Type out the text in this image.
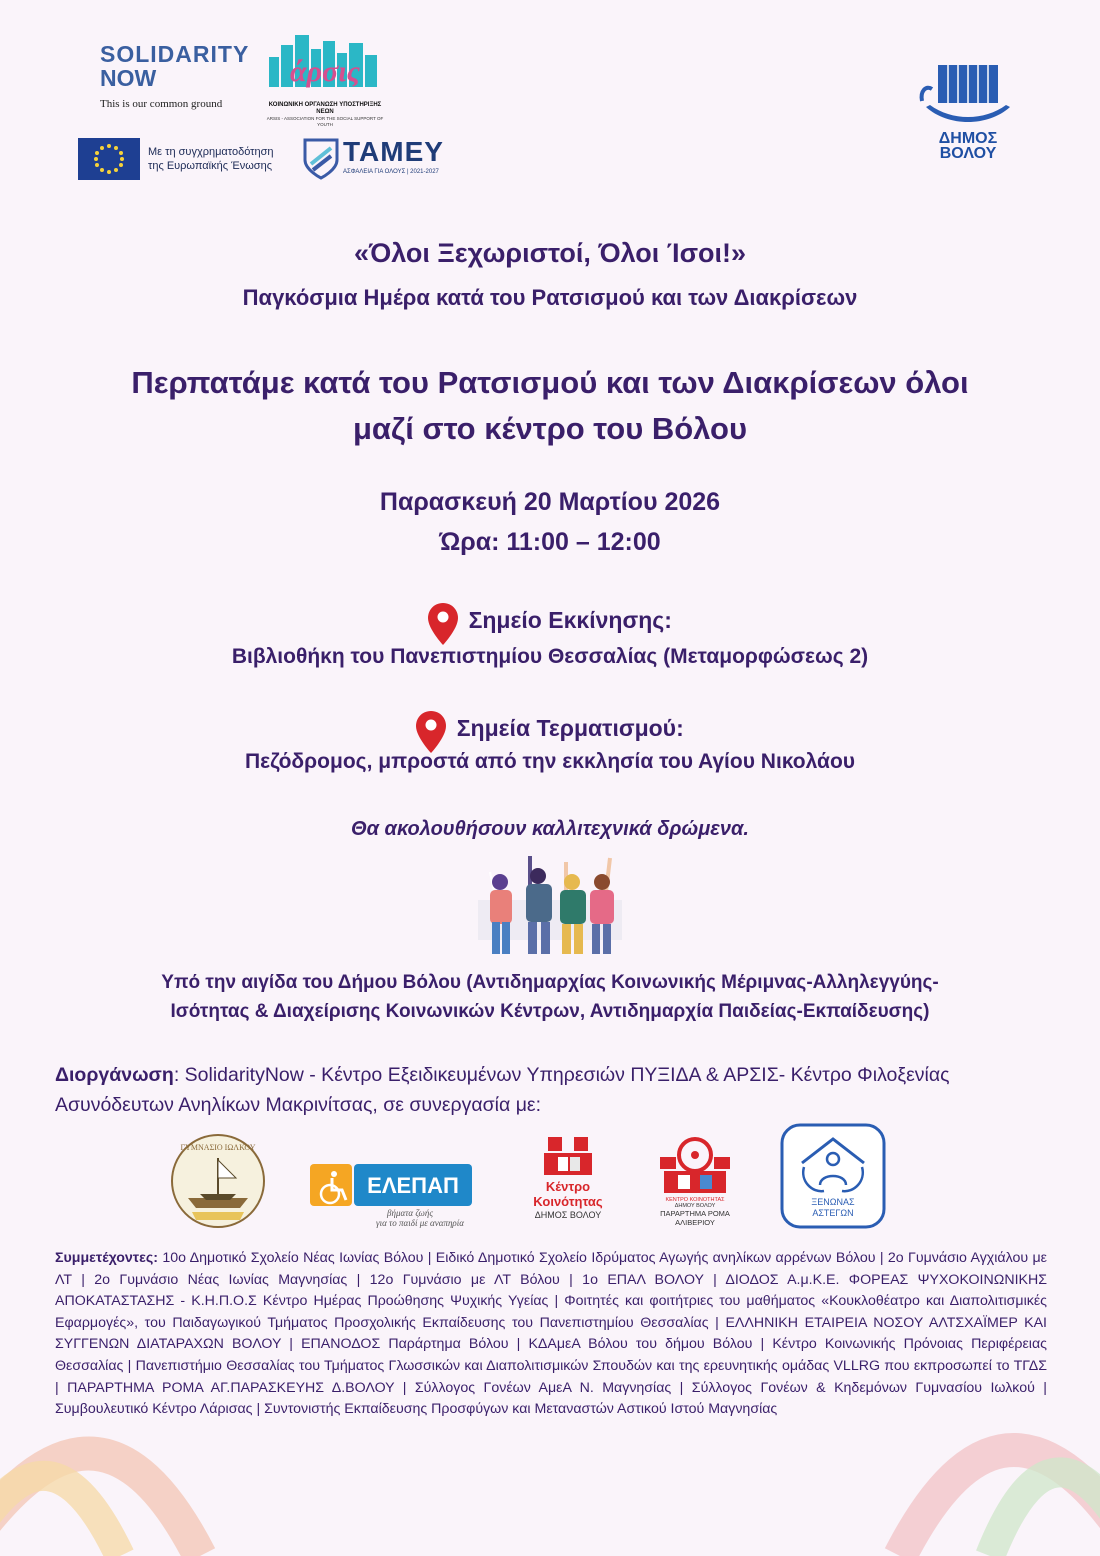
SOLIDARITY
NOW
This is our common ground
άρσις
ΚΟΙΝΩΝΙΚΗ ΟΡΓΑΝΩΣΗ ΥΠΟΣΤΗΡΙΞΗΣ ΝΕΩΝ
ARSIS - ASSOCIATION FOR THE SOCIAL SUPPORT OF YOUTH
Με τη συγχρηματοδότηση
της Ευρωπαϊκής Ένωσης	ΤΑΜΕΥ
ΑΣΦΑΛΕΙΑ ΓΙΑ ΟΛΟΥΣ | 2021-2027
ΔΗΜΟΣ
ΒΟΛΟΥ
«Όλοι Ξεχωριστοί, Όλοι Ίσοι!»
Παγκόσμια Ημέρα κατά του Ρατσισμού και των Διακρίσεων
Περπατάμε κατά του Ρατσισμού και των Διακρίσεων όλοι
μαζί στο κέντρο του Βόλου
Παρασκευή 20 Μαρτίου 2026
Ώρα: 11:00 – 12:00
Σημείο Εκκίνησης:
Βιβλιοθήκη του Πανεπιστημίου Θεσσαλίας (Μεταμορφώσεως 2)
Σημεία Τερματισμού:
Πεζόδρομος, μπροστά από την εκκλησία του Αγίου Νικολάου
Θα ακολουθήσουν καλλιτεχνικά δρώμενα.
Υπό την αιγίδα του Δήμου Βόλου (Αντιδημαρχίας Κοινωνικής Μέριμνας-Αλληλεγγύης-
Ισότητας & Διαχείρισης Κοινωνικών Κέντρων, Αντιδημαρχία Παιδείας-Εκπαίδευσης)
Διοργάνωση: SolidarityNow - Κέντρο Εξειδικευμένων Υπηρεσιών ΠΥΞΙΔΑ & ΑΡΣΙΣ- Κέντρο Φιλοξενίας Ασυνόδευτων Ανηλίκων Μακρινίτσας, σε συνεργασία με:
ΓΥΜΝΑΣΙΟ ΙΩΛΚΟΥ
ΕΛΕΠΑΠ
βήματα ζωής
για το παιδί με αναπηρία
Κέντρο
Κοινότητας
ΔΗΜΟΣ ΒΟΛΟΥ
ΚΕΝΤΡΟ ΚΟΙΝΟΤΗΤΑΣ
ΔΗΜΟΥ ΒΟΛΟΥ
ΠΑΡΑΡΤΗΜΑ ΡΟΜΑ
ΑΛΙΒΕΡΙΟΥ
ΞΕΝΩΝΑΣ
ΑΣΤΕΓΩΝ
Συμμετέχοντες: 10ο Δημοτικό Σχολείο Νέας Ιωνίας Βόλου | Ειδικό Δημοτικό Σχολείο Ιδρύματος Αγωγής ανηλίκων αρρένων Βόλου | 2ο Γυμνάσιο Αγχιάλου με ΛΤ | 2ο Γυμνάσιο Νέας Ιωνίας Μαγνησίας | 12ο Γυμνάσιο με ΛΤ Βόλου | 1ο ΕΠΑΛ ΒΟΛΟΥ | ΔΙΟΔΟΣ Α.μ.Κ.Ε. ΦΟΡΕΑΣ ΨΥΧΟΚΟΙΝΩΝΙΚΗΣ ΑΠΟΚΑΤΑΣΤΑΣΗΣ - Κ.Η.Π.Ο.Σ Κέντρο Ημέρας Προώθησης Ψυχικής Υγείας | Φοιτητές και φοιτήτριες του μαθήματος «Κουκλοθέατρο και Διαπολιτισμικές Εφαρμογές», του Παιδαγωγικού Τμήματος Προσχολικής Εκπαίδευσης του Πανεπιστημίου Θεσσαλίας | ΕΛΛΗΝΙΚΗ ΕΤΑΙΡΕΙΑ ΝΟΣΟΥ ΑΛΤΣΧΑΪΜΕΡ ΚΑΙ ΣΥΓΓΕΝΩΝ ΔΙΑΤΑΡΑΧΩΝ ΒΟΛΟΥ | ΕΠΑΝΟΔΟΣ Παράρτημα Βόλου | ΚΔΑμεΑ Βόλου του δήμου Βόλου | Κέντρο Κοινωνικής Πρόνοιας Περιφέρειας Θεσσαλίας | Πανεπιστήμιο Θεσσαλίας του Τμήματος Γλωσσικών και Διαπολιτισμικών Σπουδών και της ερευνητικής ομάδας VLLRG που εκπροσωπεί το ΤΓΔΣ | ΠΑΡΑΡΤΗΜΑ ΡΟΜΑ ΑΓ.ΠΑΡΑΣΚΕΥΗΣ Δ.ΒΟΛΟΥ | Σύλλογος Γονέων ΑμεΑ Ν. Μαγνησίας | Σύλλογος Γονέων & Κηδεμόνων Γυμνασίου Ιωλκού | Συμβουλευτικό Κέντρο Λάρισας | Συντονιστής Εκπαίδευσης Προσφύγων και Μεταναστών Αστικού Ιστού Μαγνησίας
